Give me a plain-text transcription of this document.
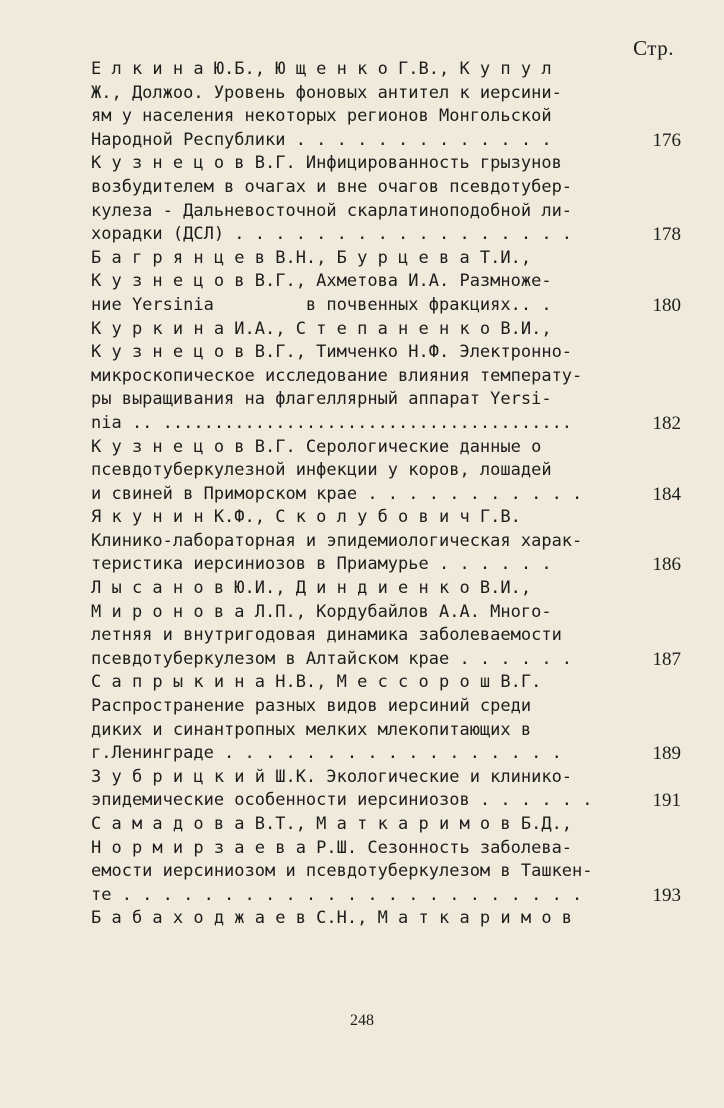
Стр.
Е л к и н а Ю.Б., Ю щ е н к о Г.В., К у п у л
Ж., Должоо. Уровень фоновых антител к иерсини-
ям у населения некоторых регионов Монгольской
Народной Республики . . . . . . . . . . . . .	176
К у з н е ц о в В.Г. Инфицированность грызунов
возбудителем в очагах и вне очагов псевдотубер-
кулеза - Дальневосточной скарлатиноподобной ли-
хорадки (ДСЛ) . . . . . . . . . . . . . . . . .	178
Б а г р я н ц е в В.Н., Б у р ц е в а Т.И.,
К у з н е ц о в В.Г., Ахметова И.А. Размноже-
ние Yersinia         в почвенных фракциях.. .	180
К у р к и н а И.А., С т е п а н е н к о В.И.,
К у з н е ц о в В.Г., Тимченко Н.Ф. Электронно-
микроскопическое исследование влияния температу-
ры выращивания на флагеллярный аппарат Yersi-
nia .. ........................................	182
К у з н е ц о в В.Г. Серологические данные о
псевдотуберкулезной инфекции у коров, лошадей
и свиней в Приморском крае . . . . . . . . . . .	184
Я к у н и н К.Ф., С к о л у б о в и ч Г.В.
Клинико-лабораторная и эпидемиологическая харак-
теристика иерсиниозов в Приамурье . . . . . .	186
Л ы с а н о в Ю.И., Д и н д и е н к о В.И.,
М и р о н о в а Л.П., Кордубайлов А.А. Много-
летняя и внутригодовая динамика заболеваемости
псевдотуберкулезом в Алтайском крае . . . . . .	187
С а п р ы к и н а Н.В., М е с с о р о ш В.Г.
Распространение разных видов иерсиний среди
диких и синантропных мелких млекопитающих в
г.Ленинграде . . . . . . . . . . . . . . . . .	189
З у б р и ц к и й Ш.К. Экологические и клинико-
эпидемические особенности иерсиниозов . . . . . .	191
С а м а д о в а В.Т., М а т к а р и м о в Б.Д.,
Н о р м и р з а е в а Р.Ш. Сезонность заболева-
емости иерсиниозом и псевдотуберкулезом в Ташкен-
те . . . . . . . . . . . . . . . . . . . . . . .	193
Б а б а х о д ж а е в С.Н., М а т к а р и м о в
248
